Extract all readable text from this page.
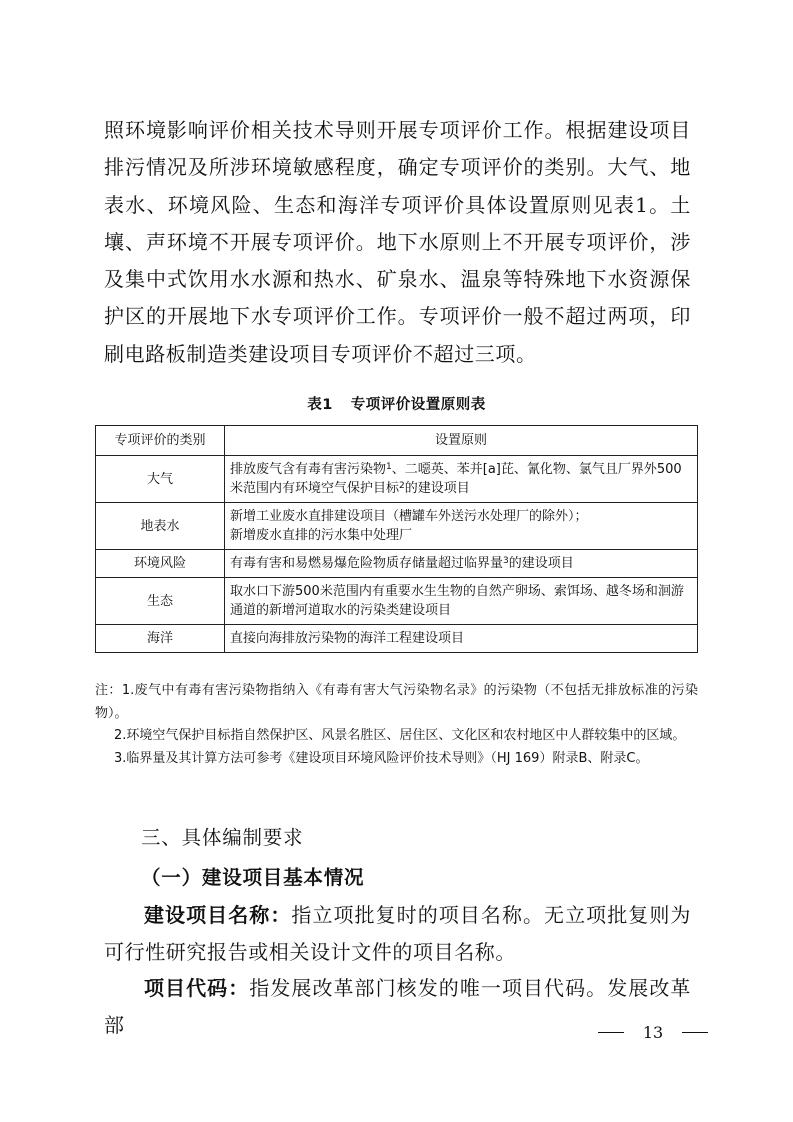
照环境影响评价相关技术导则开展专项评价工作。根据建设项目排污情况及所涉环境敏感程度，确定专项评价的类别。大气、地表水、环境风险、生态和海洋专项评价具体设置原则见表1。土壤、声环境不开展专项评价。地下水原则上不开展专项评价，涉及集中式饮用水水源和热水、矿泉水、温泉等特殊地下水资源保护区的开展地下水专项评价工作。专项评价一般不超过两项，印刷电路板制造类建设项目专项评价不超过三项。

表1 专项评价设置原则表
专项评价的类别	设置原则
大气	排放废气含有毒有害污染物$^1$、二噁英、苯并[a]芘、氰化物、氯气且厂界外500米范围内有环境空气保护目标$^2$的建设项目
地表水	新增工业废水直排建设项目（槽罐车外送污水处理厂的除外）；
新增废水直排的污水集中处理厂

环境风险	有毒有害和易燃易爆危险物质存储量超过临界量$^3$的建设项目
生态	取水口下游500米范围内有重要水生生物的自然产卵场、索饵场、越冬场和洄游通道的新增河道取水的污染类建设项目
海洋	直接向海排放污染物的海洋工程建设项目

注：1.废气中有毒有害污染物指纳入《有毒有害大气污染物名录》的污染物（不包括无排放标准的污染物）。

2.环境空气保护目标指自然保护区、风景名胜区、居住区、文化区和农村地区中人群较集中的区域。

3.临界量及其计算方法可参考《建设项目环境风险评价技术导则》（HJ 169）附录B、附录C。

三、具体编制要求
（一）建设项目基本情况

建设项目名称：指立项批复时的项目名称。无立项批复则为可行性研究报告或相关设计文件的项目名称。

项目代码：指发展改革部门核发的唯一项目代码。发展改革部	13
